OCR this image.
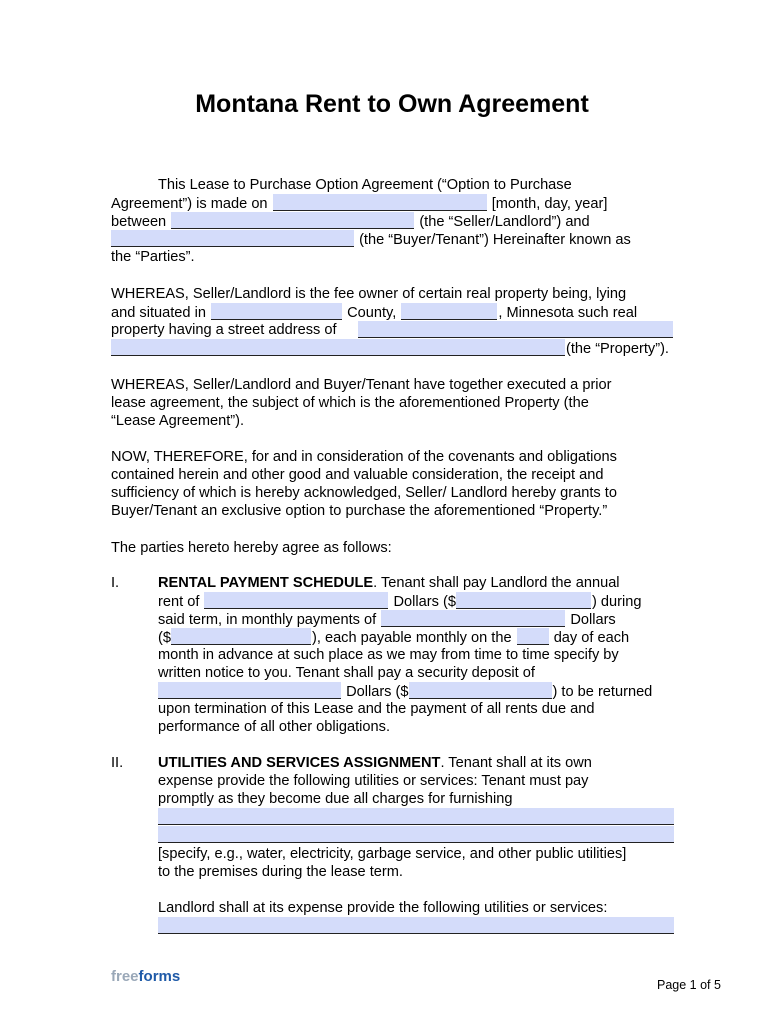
Montana Rent to Own Agreement
This Lease to Purchase Option Agreement (“Option to Purchase
Agreement”) is made on	[month, day, year]
between	(the “Seller/Landlord”) and
(the “Buyer/Tenant”) Hereinafter known as
the “Parties”.
WHEREAS, Seller/Landlord is the fee owner of certain real property being, lying
and situated in	County,	, Minnesota such real
property having a street address of
(the “Property”).
WHEREAS, Seller/Landlord and Buyer/Tenant have together executed a prior
lease agreement, the subject of which is the aforementioned Property (the
“Lease Agreement”).
NOW, THEREFORE, for and in consideration of the covenants and obligations
contained herein and other good and valuable consideration, the receipt and
sufficiency of which is hereby acknowledged, Seller/ Landlord hereby grants to
Buyer/Tenant an exclusive option to purchase the aforementioned “Property.”
The parties hereto hereby agree as follows:
I.	RENTAL PAYMENT SCHEDULE. Tenant shall pay Landlord the annual
rent of	Dollars ($	) during
said term, in monthly payments of	Dollars
($	), each payable monthly on the	day of each
month in advance at such place as we may from time to time specify by
written notice to you. Tenant shall pay a security deposit of
Dollars ($	) to be returned
upon termination of this Lease and the payment of all rents due and
performance of all other obligations.
II. UTILITIES AND SERVICES ASSIGNMENT. Tenant shall at its own
expense provide the following utilities or services: Tenant must pay
promptly as they become due all charges for furnishing
[specify, e.g., water, electricity, garbage service, and other public utilities]
to the premises during the lease term.
Landlord shall at its expense provide the following utilities or services:
freeforms	Page 1 of 5
